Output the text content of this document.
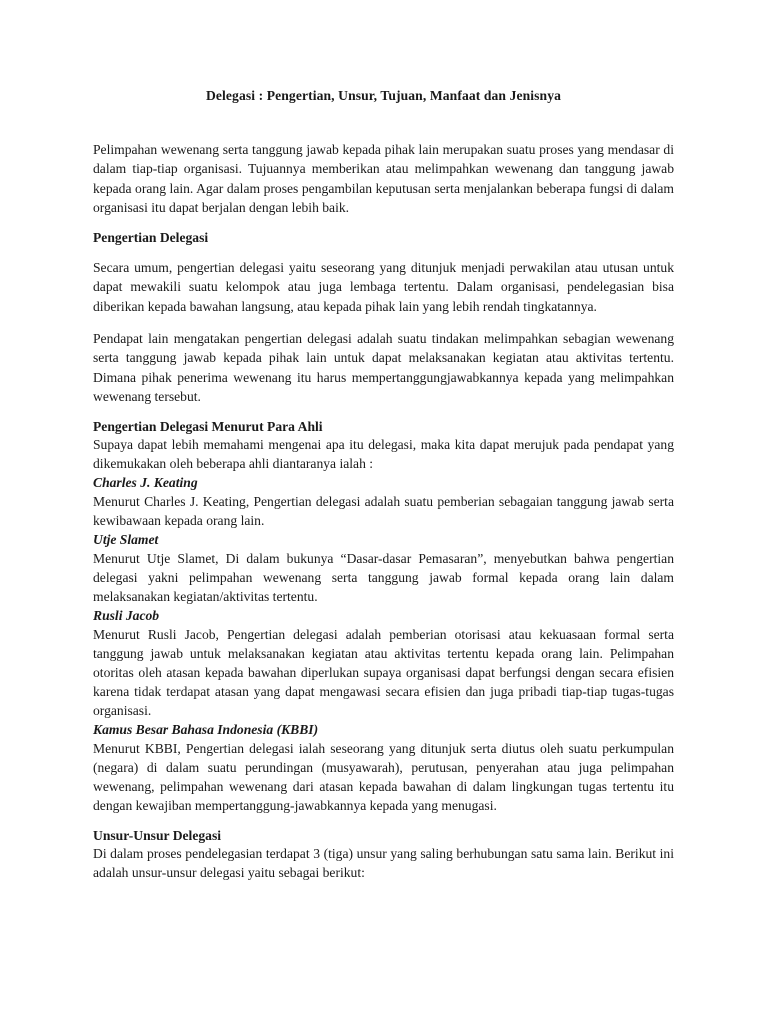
Delegasi : Pengertian, Unsur, Tujuan, Manfaat dan Jenisnya

Pelimpahan wewenang serta tanggung jawab kepada pihak lain merupakan suatu proses yang mendasar di dalam tiap-tiap organisasi. Tujuannya memberikan atau melimpahkan wewenang dan tanggung jawab kepada orang lain. Agar dalam proses pengambilan keputusan serta menjalankan beberapa fungsi di dalam organisasi itu dapat berjalan dengan lebih baik.

Pengertian Delegasi

Secara umum, pengertian delegasi yaitu seseorang yang ditunjuk menjadi perwakilan atau utusan untuk dapat mewakili suatu kelompok atau juga lembaga tertentu. Dalam organisasi, pendelegasian bisa diberikan kepada bawahan langsung, atau kepada pihak lain yang lebih rendah tingkatannya.

Pendapat lain mengatakan pengertian delegasi adalah suatu tindakan melimpahkan sebagian wewenang serta tanggung jawab kepada pihak lain untuk dapat melaksanakan kegiatan atau aktivitas tertentu. Dimana pihak penerima wewenang itu harus mempertanggungjawabkannya kepada yang melimpahkan wewenang tersebut.

Pengertian Delegasi Menurut Para Ahli

Supaya dapat lebih memahami mengenai apa itu delegasi, maka kita dapat merujuk pada pendapat yang dikemukakan oleh beberapa ahli diantaranya ialah :

Charles J. Keating

Menurut Charles J. Keating, Pengertian delegasi adalah suatu pemberian sebagaian tanggung jawab serta kewibawaan kepada orang lain.

Utje Slamet

Menurut Utje Slamet, Di dalam bukunya “Dasar-dasar Pemasaran”, menyebutkan bahwa pengertian delegasi yakni pelimpahan wewenang serta tanggung jawab formal kepada orang lain dalam melaksanakan kegiatan/aktivitas tertentu.

Rusli Jacob

Menurut Rusli Jacob, Pengertian delegasi adalah pemberian otorisasi atau kekuasaan formal serta tanggung jawab untuk melaksanakan kegiatan atau aktivitas tertentu kepada orang lain. Pelimpahan otoritas oleh atasan kepada bawahan diperlukan supaya organisasi dapat berfungsi dengan secara efisien karena tidak terdapat atasan yang dapat mengawasi secara efisien dan juga pribadi tiap-tiap tugas-tugas organisasi.

Kamus Besar Bahasa Indonesia (KBBI)

Menurut KBBI, Pengertian delegasi ialah seseorang yang ditunjuk serta diutus oleh suatu perkumpulan (negara) di dalam suatu perundingan (musyawarah), perutusan, penyerahan atau juga pelimpahan wewenang, pelimpahan wewenang dari atasan kepada bawahan di dalam lingkungan tugas tertentu itu dengan kewajiban mempertanggung-jawabkannya kepada yang menugasi.

Unsur-Unsur Delegasi

Di dalam proses pendelegasian terdapat 3 (tiga) unsur yang saling berhubungan satu sama lain. Berikut ini adalah unsur-unsur delegasi yaitu sebagai berikut:
